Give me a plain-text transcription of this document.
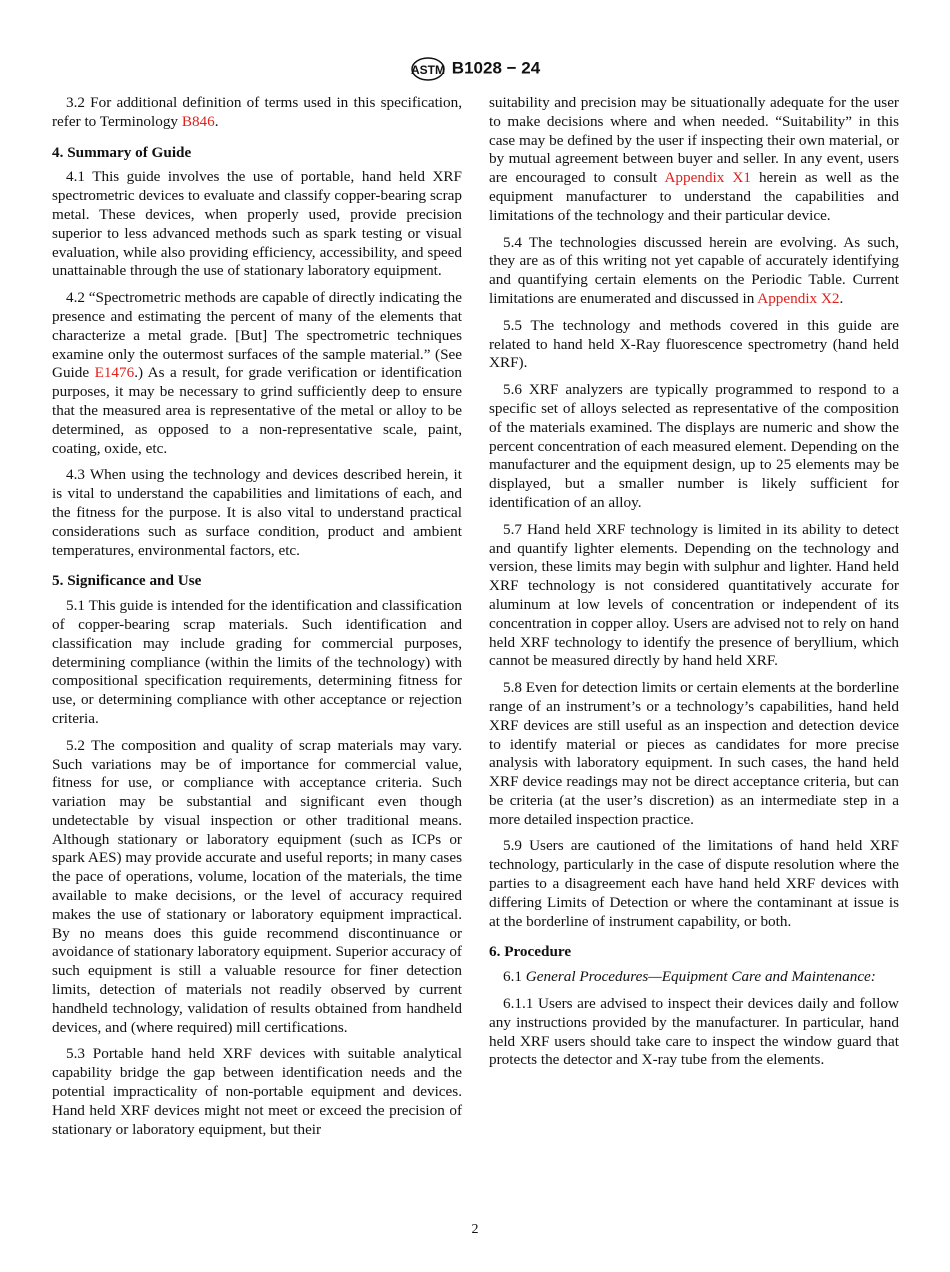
ASTM B1028 − 24

3.2 For additional definition of terms used in this specification, refer to Terminology B846.

4. Summary of Guide

4.1 This guide involves the use of portable, hand held XRF spectrometric devices to evaluate and classify copper-bearing scrap metal. These devices, when properly used, provide precision superior to less advanced methods such as spark testing or visual evaluation, while also providing efficiency, accessibility, and speed unattainable through the use of stationary laboratory equipment.

4.2 “Spectrometric methods are capable of directly indicating the presence and estimating the percent of many of the elements that characterize a metal grade. [But] The spectrometric techniques examine only the outermost surfaces of the sample material.” (See Guide E1476.) As a result, for grade verification or identification purposes, it may be necessary to grind sufficiently deep to ensure that the measured area is representative of the metal or alloy to be determined, as opposed to a non-representative scale, paint, coating, oxide, etc.

4.3 When using the technology and devices described herein, it is vital to understand the capabilities and limitations of each, and the fitness for the purpose. It is also vital to understand practical considerations such as surface condition, product and ambient temperatures, environmental factors, etc.

5. Significance and Use

5.1 This guide is intended for the identification and classification of copper-bearing scrap materials. Such identification and classification may include grading for commercial purposes, determining compliance (within the limits of the technology) with compositional specification requirements, determining fitness for use, or determining compliance with other acceptance or rejection criteria.

5.2 The composition and quality of scrap materials may vary. Such variations may be of importance for commercial value, fitness for use, or compliance with acceptance criteria. Such variation may be substantial and significant even though undetectable by visual inspection or other traditional means. Although stationary or laboratory equipment (such as ICPs or spark AES) may provide accurate and useful reports; in many cases the pace of operations, volume, location of the materials, the time available to make decisions, or the level of accuracy required makes the use of stationary or laboratory equipment impractical. By no means does this guide recommend discontinuance or avoidance of stationary laboratory equipment. Superior accuracy of such equipment is still a valuable resource for finer detection limits, detection of materials not readily observed by current handheld technology, validation of results obtained from handheld devices, and (where required) mill certifications.

5.3 Portable hand held XRF devices with suitable analytical capability bridge the gap between identification needs and the potential impracticality of non-portable equipment and devices. Hand held XRF devices might not meet or exceed the precision of stationary or laboratory equipment, but their

suitability and precision may be situationally adequate for the user to make decisions where and when needed. “Suitability” in this case may be defined by the user if inspecting their own material, or by mutual agreement between buyer and seller. In any event, users are encouraged to consult Appendix X1 herein as well as the equipment manufacturer to understand the capabilities and limitations of the technology and their particular device.

5.4 The technologies discussed herein are evolving. As such, they are as of this writing not yet capable of accurately identifying and quantifying certain elements on the Periodic Table. Current limitations are enumerated and discussed in Appendix X2.

5.5 The technology and methods covered in this guide are related to hand held X-Ray fluorescence spectrometry (hand held XRF).

5.6 XRF analyzers are typically programmed to respond to a specific set of alloys selected as representative of the composition of the materials examined. The displays are numeric and show the percent concentration of each measured element. Depending on the manufacturer and the equipment design, up to 25 elements may be displayed, but a smaller number is likely sufficient for identification of an alloy.

5.7 Hand held XRF technology is limited in its ability to detect and quantify lighter elements. Depending on the technology and version, these limits may begin with sulphur and lighter. Hand held XRF technology is not considered quantitatively accurate for aluminum at low levels of concentration or independent of its concentration in copper alloy. Users are advised not to rely on hand held XRF technology to identify the presence of beryllium, which cannot be measured directly by hand held XRF.

5.8 Even for detection limits or certain elements at the borderline range of an instrument’s or a technology’s capabilities, hand held XRF devices are still useful as an inspection and detection device to identify material or pieces as candidates for more precise analysis with laboratory equipment. In such cases, the hand held XRF device readings may not be direct acceptance criteria, but can be criteria (at the user’s discretion) as an intermediate step in a more detailed inspection practice.

5.9 Users are cautioned of the limitations of hand held XRF technology, particularly in the case of dispute resolution where the parties to a disagreement each have hand held XRF devices with differing Limits of Detection or where the contaminant at issue is at the borderline of instrument capability, or both.

6. Procedure

6.1 General Procedures—Equipment Care and Maintenance:

6.1.1 Users are advised to inspect their devices daily and follow any instructions provided by the manufacturer. In particular, hand held XRF users should take care to inspect the window guard that protects the detector and X-ray tube from the elements.

2
